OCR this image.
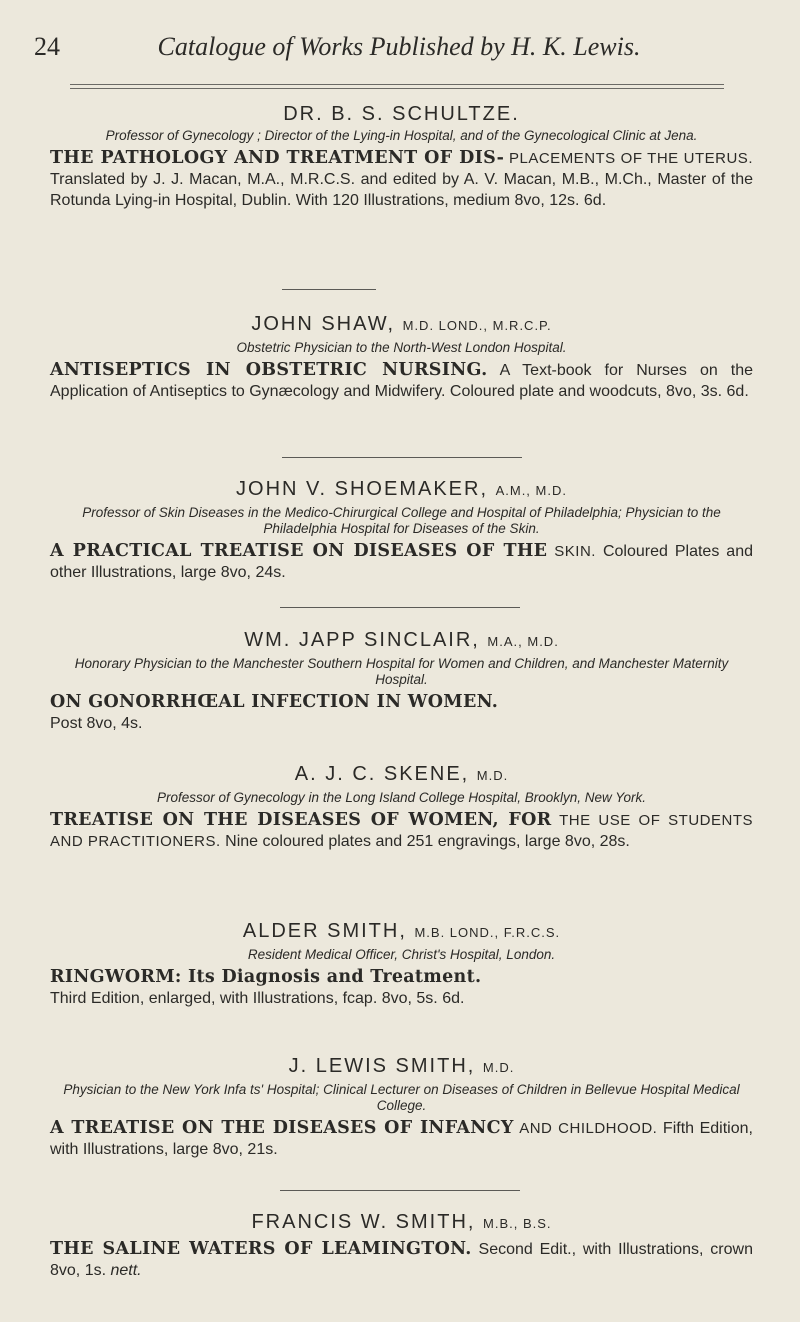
24	Catalogue of Works Published by H. K. Lewis.

DR. B. S. SCHULTZE.

Professor of Gynecology ; Director of the Lying-in Hospital, and of the Gynecological Clinic at Jena.

THE PATHOLOGY AND TREATMENT OF DIS- PLACEMENTS OF THE UTERUS. Translated by J. J. Macan, M.A., M.R.C.S. and edited by A. V. Macan, M.B., M.Ch., Master of the Rotunda Lying-in Hospital, Dublin. With 120 Illustrations, medium 8vo, 12s. 6d.

JOHN SHAW, M.D. LOND., M.R.C.P.

Obstetric Physician to the North-West London Hospital.

ANTISEPTICS IN OBSTETRIC NURSING. A Text-book for Nurses on the Application of Antiseptics to Gynæcology and Midwifery. Coloured plate and woodcuts, 8vo, 3s. 6d.

JOHN V. SHOEMAKER, A.M., M.D.

Professor of Skin Diseases in the Medico-Chirurgical College and Hospital of Philadelphia; Physician to the Philadelphia Hospital for Diseases of the Skin.

A PRACTICAL TREATISE ON DISEASES OF THE SKIN. Coloured Plates and other Illustrations, large 8vo, 24s.

WM. JAPP SINCLAIR, M.A., M.D.

Honorary Physician to the Manchester Southern Hospital for Women and Children, and Manchester Maternity Hospital.

ON GONORRHŒAL INFECTION IN WOMEN.
Post 8vo, 4s.

A. J. C. SKENE, M.D.

Professor of Gynecology in the Long Island College Hospital, Brooklyn, New York.

TREATISE ON THE DISEASES OF WOMEN, FOR THE USE OF STUDENTS AND PRACTITIONERS. Nine coloured plates and 251 engravings, large 8vo, 28s.

ALDER SMITH, M.B. LOND., F.R.C.S.

Resident Medical Officer, Christ's Hospital, London.

RINGWORM: Its Diagnosis and Treatment.
Third Edition, enlarged, with Illustrations, fcap. 8vo, 5s. 6d.

J. LEWIS SMITH, M.D.

Physician to the New York Infa ts' Hospital; Clinical Lecturer on Diseases of Children in Bellevue Hospital Medical College.

A TREATISE ON THE DISEASES OF INFANCY AND CHILDHOOD. Fifth Edition, with Illustrations, large 8vo, 21s.

FRANCIS W. SMITH, M.B., B.S.

THE SALINE WATERS OF LEAMINGTON. Second Edit., with Illustrations, crown 8vo, 1s. nett.
